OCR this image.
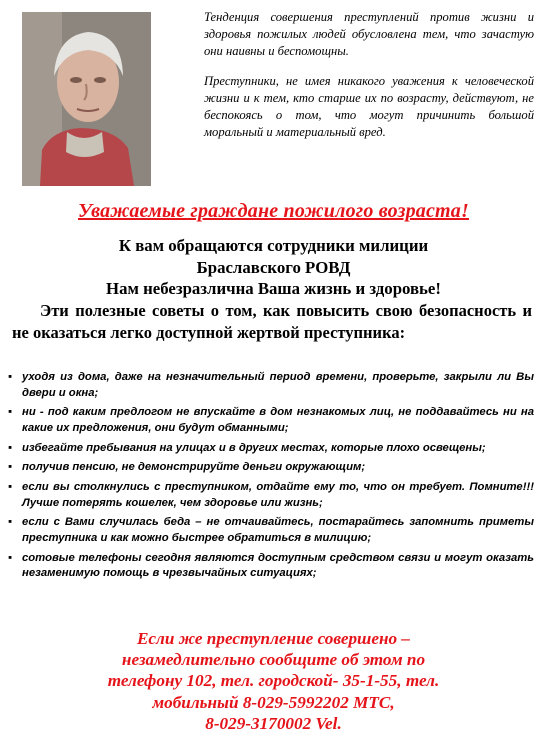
Тенденция совершения преступлений против жизни и здоровья пожилых людей обусловлена тем, что зачастую они наивны и беспомощны.

Преступники, не имея никакого уважения к человеческой жизни и к тем, кто старше их по возрасту, действуют, не беспокоясь о том, что могут причинить большой моральный и материальный вред.

Уважаемые граждане пожилого возраста!
К вам обращаются сотрудники милиции
Браславского РОВД
Нам небезразлична Ваша жизнь и здоровье!
Эти полезные советы о том, как повысить свою безопасность и не оказаться легко доступной жертвой преступника:
▪ уходя из дома, даже на незначительный период времени, проверьте, закрыли ли Вы двери и окна;
▪ ни - под каким предлогом не впускайте в дом незнакомых лиц, не поддавайтесь ни на какие их предложения, они будут обманными;
▪ избегайте пребывания на улицах и в других местах, которые плохо освещены;
▪ получив пенсию, не демонстрируйте деньги окружающим;
▪ если вы столкнулись с преступником, отдайте ему то, что он требует. Помните!!! Лучше потерять кошелек, чем здоровье или жизнь;
▪ если с Вами случилась беда – не отчаивайтесь, постарайтесь запомнить приметы преступника и как можно быстрее обратиться в милицию;
▪ сотовые телефоны сегодня являются доступным средством связи и могут оказать незаменимую помощь в чрезвычайных ситуациях;
Если же преступление совершено –
незамедлительно сообщите об этом по
телефону 102, тел. городской- 35-1-55, тел.
мобильный 8-029-5992202 МТС,
8-029-3170002 Vel.
